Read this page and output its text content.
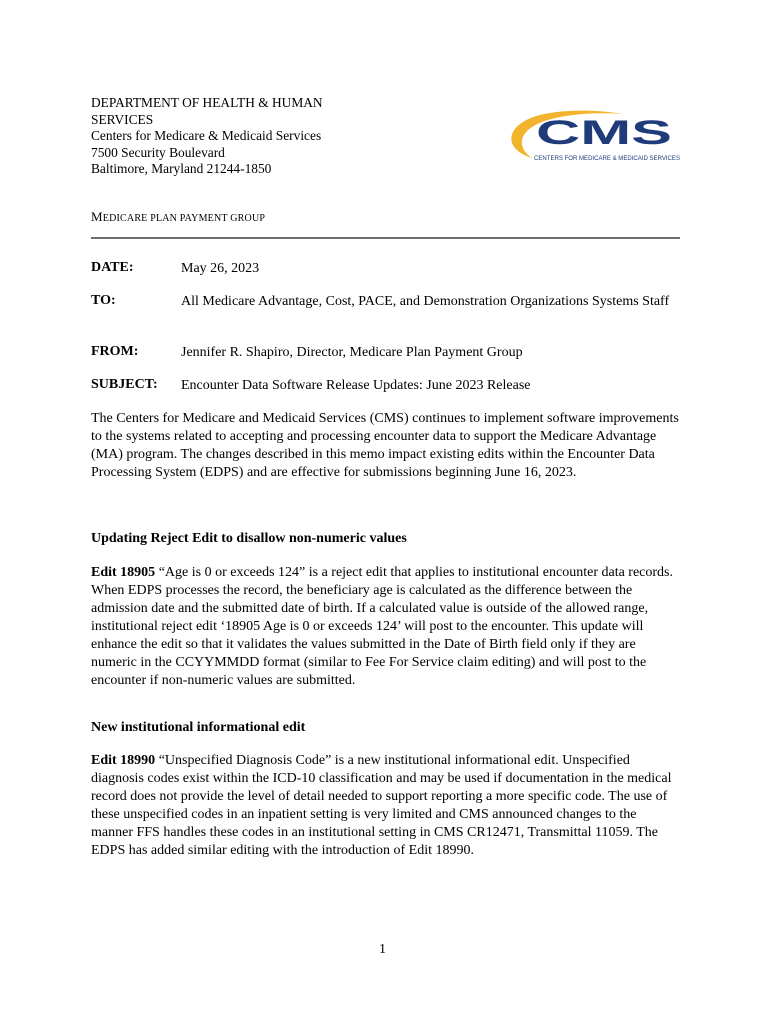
DEPARTMENT OF HEALTH & HUMAN
SERVICES
Centers for Medicare & Medicaid Services
7500 Security Boulevard
Baltimore, Maryland 21244-1850
CMS
CENTERS FOR MEDICARE & MEDICAID SERVICES
MEDICARE PLAN PAYMENT GROUP
DATE:	May 26, 2023
TO:	All Medicare Advantage, Cost, PACE, and Demonstration Organizations Systems Staff
FROM:	Jennifer R. Shapiro, Director, Medicare Plan Payment Group
SUBJECT: Encounter Data Software Release Updates: June 2023 Release
The Centers for Medicare and Medicaid Services (CMS) continues to implement software improvements to the systems related to accepting and processing encounter data to support the Medicare Advantage (MA) program. The changes described in this memo impact existing edits within the Encounter Data Processing System (EDPS) and are effective for submissions beginning June 16, 2023.
Updating Reject Edit to disallow non-numeric values
Edit 18905 “Age is 0 or exceeds 124” is a reject edit that applies to institutional encounter data records. When EDPS processes the record, the beneficiary age is calculated as the difference between the admission date and the submitted date of birth. If a calculated value is outside of the allowed range, institutional reject edit ‘18905 Age is 0 or exceeds 124’ will post to the encounter. This update will enhance the edit so that it validates the values submitted in the Date of Birth field only if they are numeric in the CCYYMMDD format (similar to Fee For Service claim editing) and will post to the encounter if non-numeric values are submitted.
New institutional informational edit
Edit 18990 “Unspecified Diagnosis Code” is a new institutional informational edit. Unspecified diagnosis codes exist within the ICD-10 classification and may be used if documentation in the medical record does not provide the level of detail needed to support reporting a more specific code. The use of these unspecified codes in an inpatient setting is very limited and CMS announced changes to the manner FFS handles these codes in an institutional setting in CMS CR12471, Transmittal 11059. The EDPS has added similar editing with the introduction of Edit 18990.
1
